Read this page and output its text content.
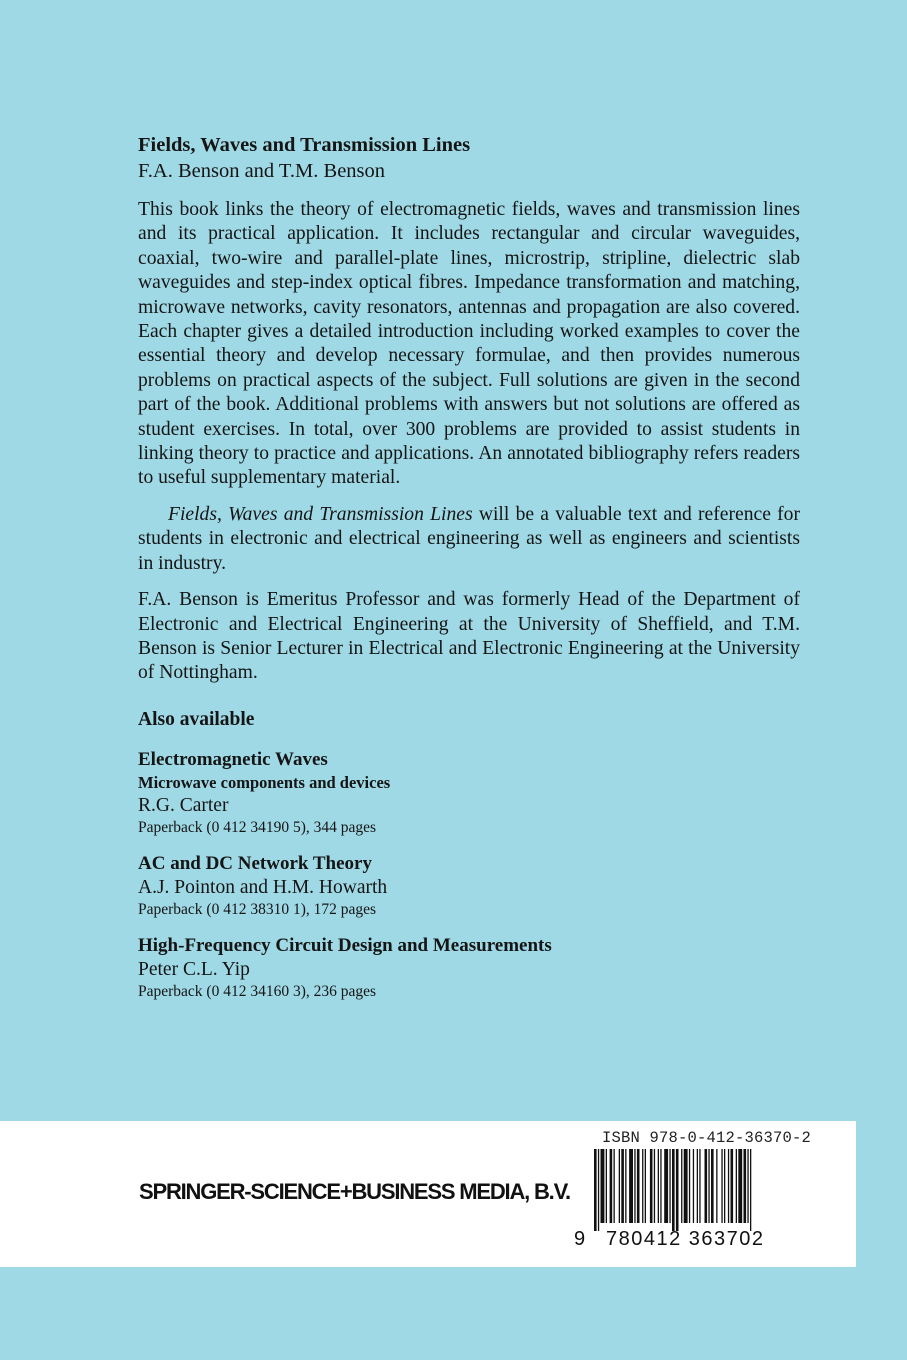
Fields, Waves and Transmission Lines
F.A. Benson and T.M. Benson

This book links the theory of electromagnetic fields, waves and transmission lines and its practical application. It includes rectangular and circular waveguides, coaxial, two-wire and parallel-plate lines, microstrip, stripline, dielectric slab waveguides and step-index optical fibres. Impedance transformation and matching, microwave networks, cavity resonators, antennas and propagation are also covered. Each chapter gives a detailed introduction including worked examples to cover the essential theory and develop necessary formulae, and then provides numerous problems on practical aspects of the subject. Full solutions are given in the second part of the book. Additional problems with answers but not solutions are offered as student exercises. In total, over 300 problems are provided to assist students in linking theory to practice and applications. An annotated bibliography refers readers to useful supplementary material.

Fields, Waves and Transmission Lines will be a valuable text and reference for students in electronic and electrical engineering as well as engineers and scientists in industry.

F.A. Benson is Emeritus Professor and was formerly Head of the Department of Electronic and Electrical Engineering at the University of Sheffield, and T.M. Benson is Senior Lecturer in Electrical and Electronic Engineering at the University of Nottingham.

Also available
Electromagnetic Waves
Microwave components and devices
R.G. Carter
Paperback (0 412 34190 5), 344 pages
AC and DC Network Theory
A.J. Pointon and H.M. Howarth
Paperback (0 412 38310 1), 172 pages
High-Frequency Circuit Design and Measurements
Peter C.L. Yip
Paperback (0 412 34160 3), 236 pages
SPRINGER-SCIENCE+BUSINESS MEDIA, B.V.
ISBN 978-0-412-36370-2
9 780412 363702
